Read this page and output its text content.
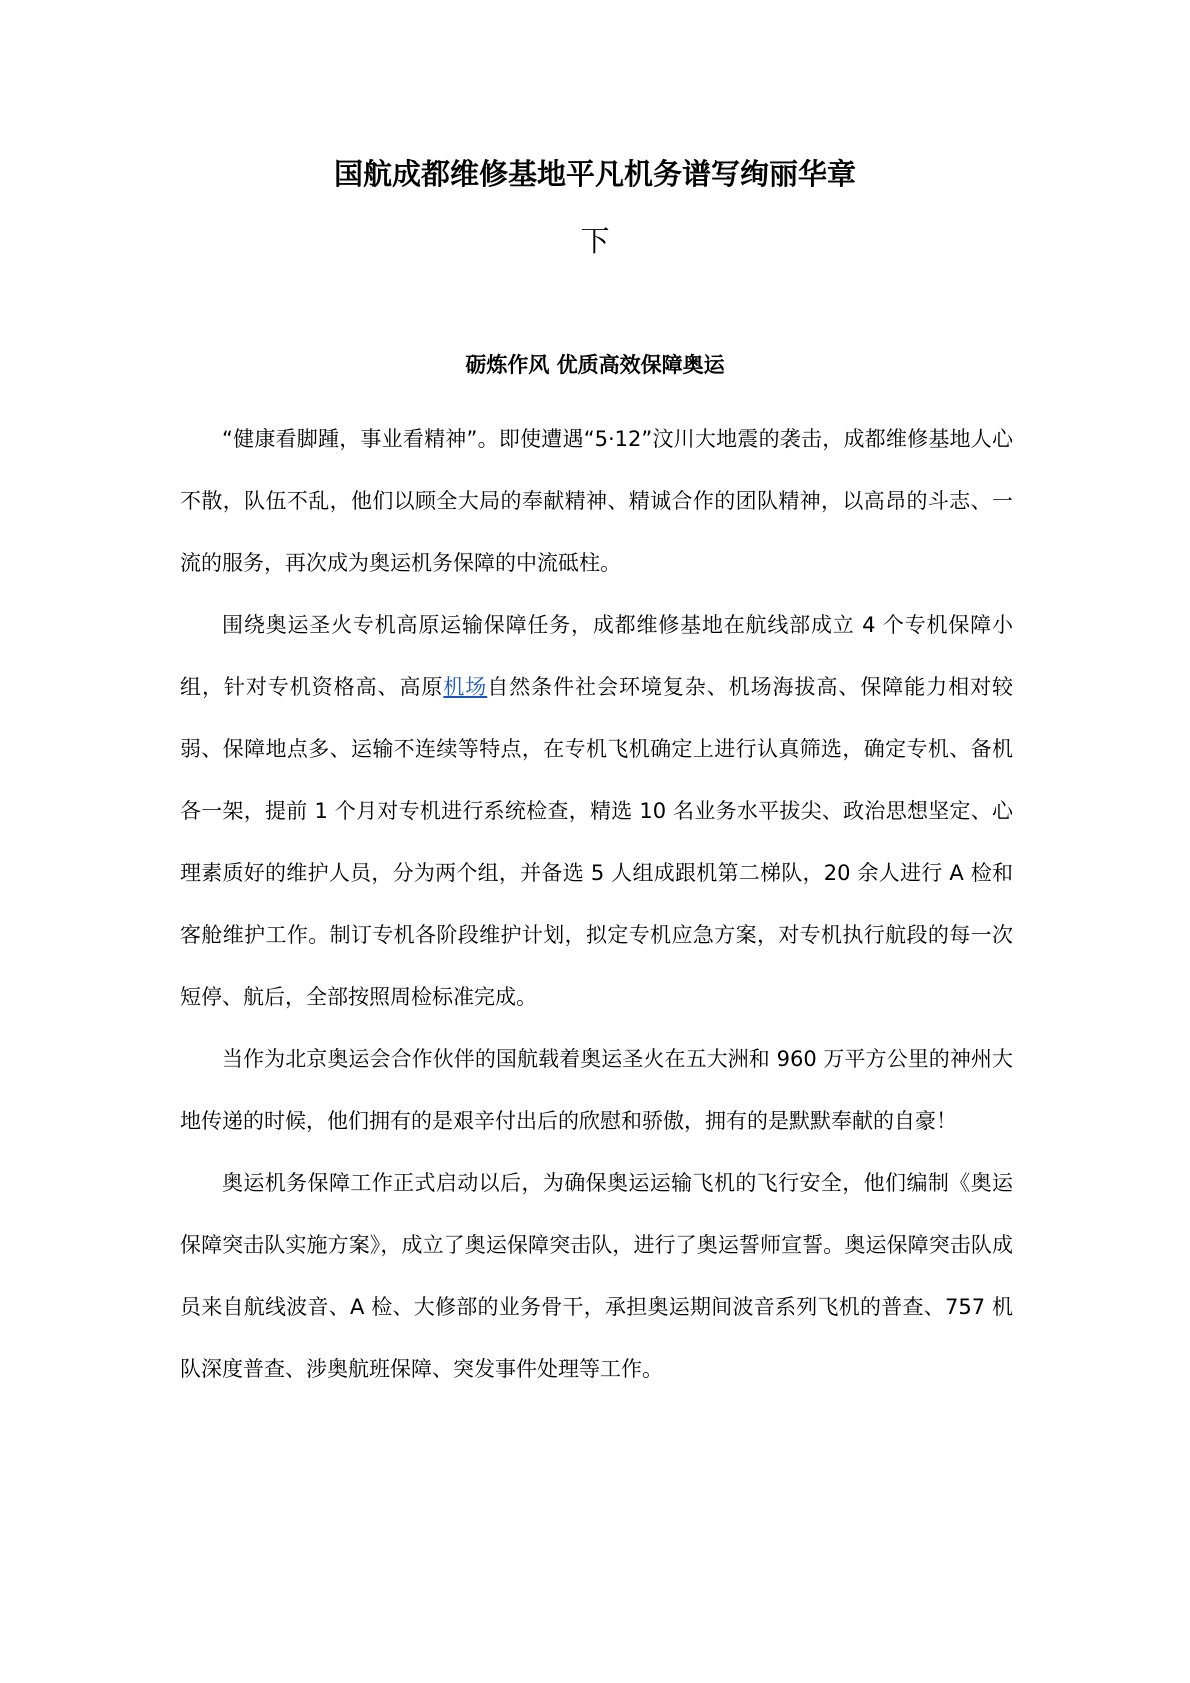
国航成都维修基地平凡机务谱写绚丽华章
下
砺炼作风 优质高效保障奥运

“健康看脚踵，事业看精神”。即使遭遇“5·12”汶川大地震的袭击，成都维修基地人心不散，队伍不乱，他们以顾全大局的奉献精神、精诚合作的团队精神，以高昂的斗志、一流的服务，再次成为奥运机务保障的中流砥柱。

围绕奥运圣火专机高原运输保障任务，成都维修基地在航线部成立 4 个专机保障小组，针对专机资格高、高原机场自然条件社会环境复杂、机场海拔高、保障能力相对较弱、保障地点多、运输不连续等特点，在专机飞机确定上进行认真筛选，确定专机、备机各一架，提前 1 个月对专机进行系统检查，精选 10 名业务水平拔尖、政治思想坚定、心理素质好的维护人员，分为两个组，并备选 5 人组成跟机第二梯队，20 余人进行 A 检和客舱维护工作。制订专机各阶段维护计划，拟定专机应急方案，对专机执行航段的每一次短停、航后，全部按照周检标准完成。

当作为北京奥运会合作伙伴的国航载着奥运圣火在五大洲和 960 万平方公里的神州大地传递的时候，他们拥有的是艰辛付出后的欣慰和骄傲，拥有的是默默奉献的自豪！

奥运机务保障工作正式启动以后，为确保奥运运输飞机的飞行安全，他们编制《奥运保障突击队实施方案》，成立了奥运保障突击队，进行了奥运誓师宣誓。奥运保障突击队成员来自航线波音、A 检、大修部的业务骨干，承担奥运期间波音系列飞机的普查、757 机队深度普查、涉奥航班保障、突发事件处理等工作。
